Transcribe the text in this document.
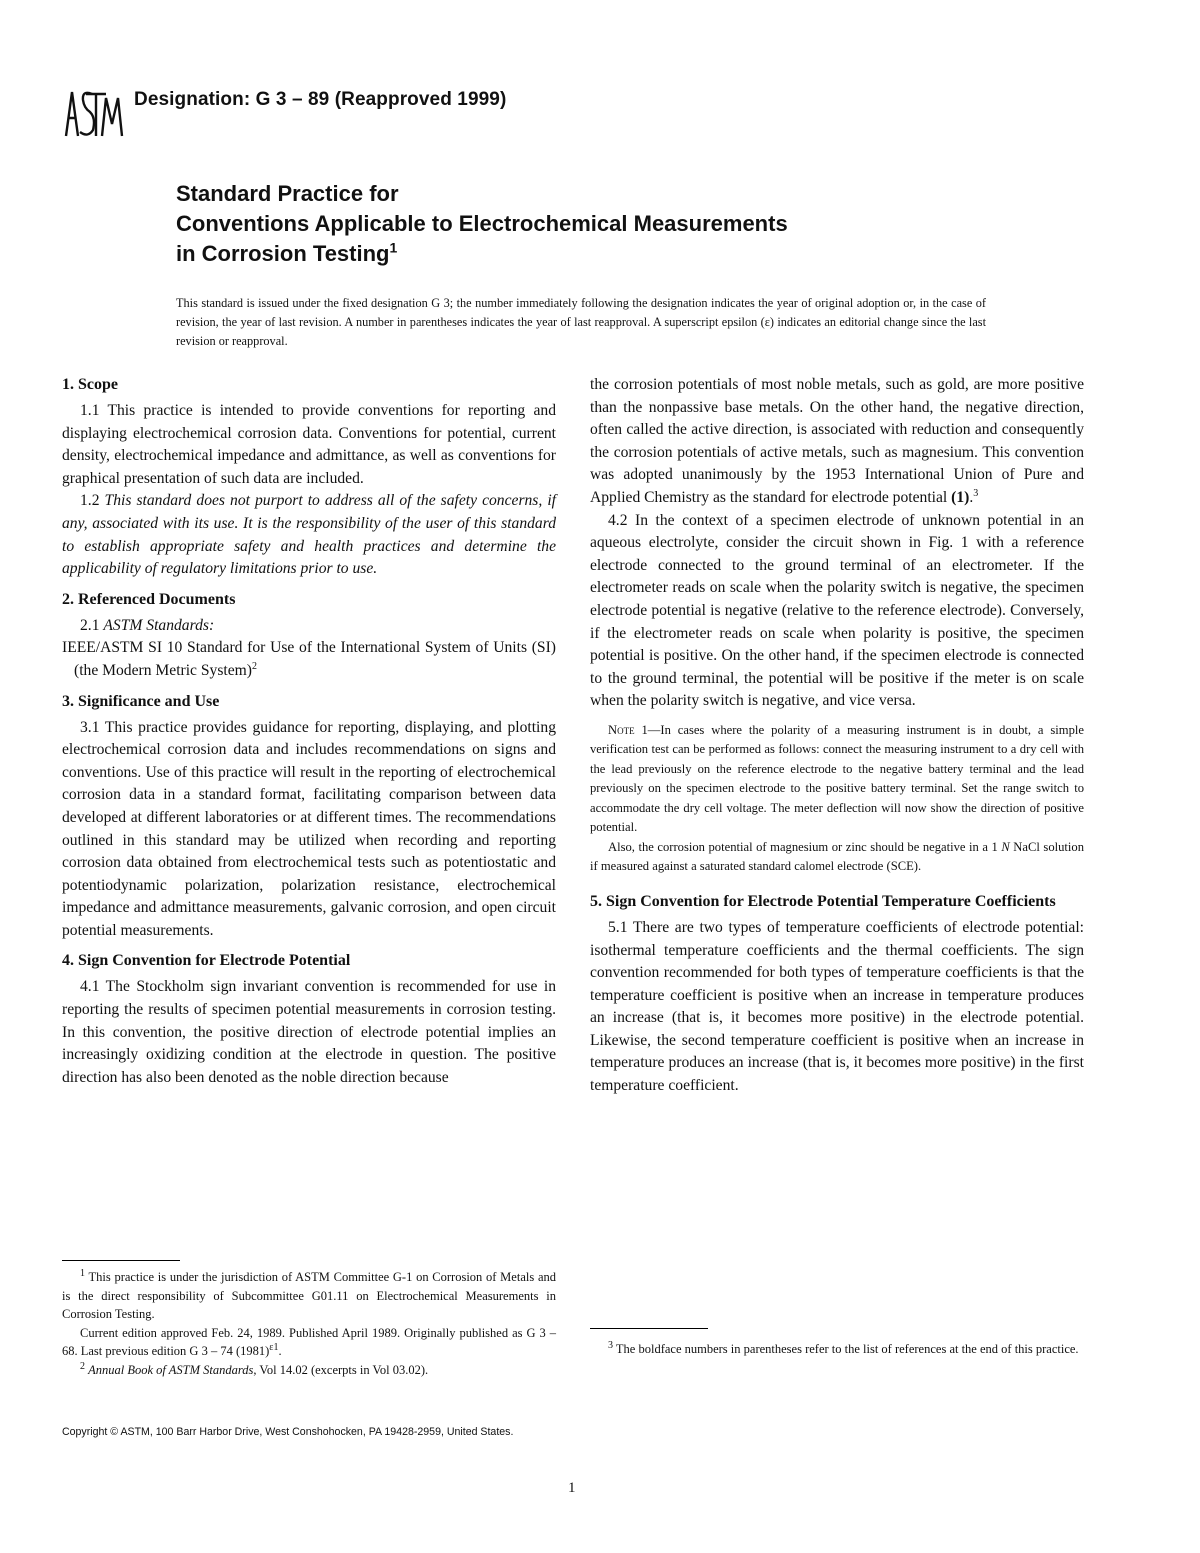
Designation: G 3 – 89 (Reapproved 1999)
Standard Practice for
Conventions Applicable to Electrochemical Measurements
in Corrosion Testing$^1$
This standard is issued under the fixed designation G 3; the number immediately following the designation indicates the year of original adoption or, in the case of revision, the year of last revision. A number in parentheses indicates the year of last reapproval. A superscript epsilon (ε) indicates an editorial change since the last revision or reapproval.
1. Scope

1.1 This practice is intended to provide conventions for reporting and displaying electrochemical corrosion data. Conventions for potential, current density, electrochemical impedance and admittance, as well as conventions for graphical presentation of such data are included.

1.2 This standard does not purport to address all of the safety concerns, if any, associated with its use. It is the responsibility of the user of this standard to establish appropriate safety and health practices and determine the applicability of regulatory limitations prior to use.

2. Referenced Documents

2.1 ASTM Standards:

IEEE/ASTM SI 10 Standard for Use of the International System of Units (SI) (the Modern Metric System)$^2$

3. Significance and Use

3.1 This practice provides guidance for reporting, displaying, and plotting electrochemical corrosion data and includes recommendations on signs and conventions. Use of this practice will result in the reporting of electrochemical corrosion data in a standard format, facilitating comparison between data developed at different laboratories or at different times. The recommendations outlined in this standard may be utilized when recording and reporting corrosion data obtained from electrochemical tests such as potentiostatic and potentiodynamic polarization, polarization resistance, electrochemical impedance and admittance measurements, galvanic corrosion, and open circuit potential measurements.

4. Sign Convention for Electrode Potential

4.1 The Stockholm sign invariant convention is recommended for use in reporting the results of specimen potential measurements in corrosion testing. In this convention, the positive direction of electrode potential implies an increasingly oxidizing condition at the electrode in question. The positive direction has also been denoted as the noble direction because

$^1$ This practice is under the jurisdiction of ASTM Committee G-1 on Corrosion of Metals and is the direct responsibility of Subcommittee G01.11 on Electrochemical Measurements in Corrosion Testing.

Current edition approved Feb. 24, 1989. Published April 1989. Originally published as G 3 – 68. Last previous edition G 3 – 74 $(1981)^{\varepsilon 1}$.

$^2$ Annual Book of ASTM Standards, Vol 14.02 (excerpts in Vol 03.02).

the corrosion potentials of most noble metals, such as gold, are more positive than the nonpassive base metals. On the other hand, the negative direction, often called the active direction, is associated with reduction and consequently the corrosion potentials of active metals, such as magnesium. This convention was adopted unanimously by the 1953 International Union of Pure and Applied Chemistry as the standard for electrode potential (1).$^3$

4.2 In the context of a specimen electrode of unknown potential in an aqueous electrolyte, consider the circuit shown in Fig. 1 with a reference electrode connected to the ground terminal of an electrometer. If the electrometer reads on scale when the polarity switch is negative, the specimen electrode potential is negative (relative to the reference electrode). Conversely, if the electrometer reads on scale when polarity is positive, the specimen potential is positive. On the other hand, if the specimen electrode is connected to the ground terminal, the potential will be positive if the meter is on scale when the polarity switch is negative, and vice versa.

Note 1—In cases where the polarity of a measuring instrument is in doubt, a simple verification test can be performed as follows: connect the measuring instrument to a dry cell with the lead previously on the reference electrode to the negative battery terminal and the lead previously on the specimen electrode to the positive battery terminal. Set the range switch to accommodate the dry cell voltage. The meter deflection will now show the direction of positive potential.

Also, the corrosion potential of magnesium or zinc should be negative in a 1 N NaCl solution if measured against a saturated standard calomel electrode (SCE).

5. Sign Convention for Electrode Potential Temperature Coefficients

5.1 There are two types of temperature coefficients of electrode potential: isothermal temperature coefficients and the thermal coefficients. The sign convention recommended for both types of temperature coefficients is that the temperature coefficient is positive when an increase in temperature produces an increase (that is, it becomes more positive) in the electrode potential. Likewise, the second temperature coefficient is positive when an increase in temperature produces an increase (that is, it becomes more positive) in the first temperature coefficient.

$^3$ The boldface numbers in parentheses refer to the list of references at the end of this practice.

Copyright © ASTM, 100 Barr Harbor Drive, West Conshohocken, PA 19428-2959, United States.
1
